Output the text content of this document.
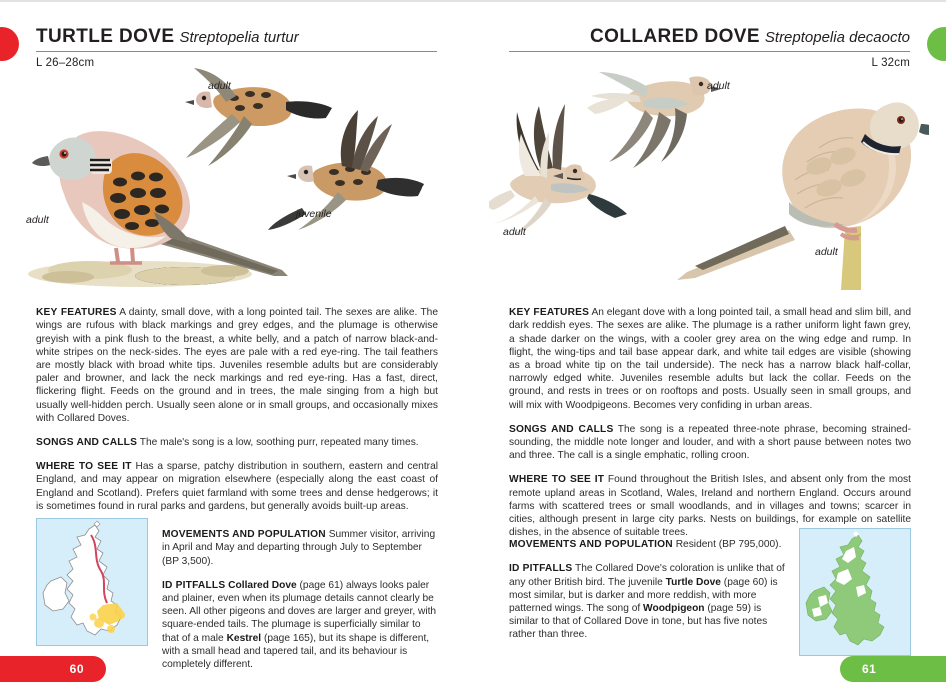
TURTLE DOVE Streptopelia turtur
L 26–28cm
adult
adult
juvenile

KEY FEATURES A dainty, small dove, with a long pointed tail. The sexes are alike. The wings are rufous with black markings and grey edges, and the plumage is otherwise greyish with a pink flush to the breast, a white belly, and a patch of narrow black-and-white stripes on the neck-sides. The eyes are pale with a red eye-ring. The tail feathers are mostly black with broad white tips. Juveniles resemble adults but are considerably paler and browner, and lack the neck markings and red eye-ring. Has a fast, direct, flickering flight. Feeds on the ground and in trees, the male singing from a high but usually well-hidden perch. Usually seen alone or in small groups, and occasionally mixes with Collared Doves.

SONGS AND CALLS The male's song is a low, soothing purr, repeated many times.

WHERE TO SEE IT Has a sparse, patchy distribution in southern, eastern and central England, and may appear on migration elsewhere (especially along the east coast of England and Scotland). Prefers quiet farmland with some trees and dense hedgerows; it is sometimes found in rural parks and gardens, but generally avoids built-up areas.

MOVEMENTS AND POPULATION Summer visitor, arriving in April and May and departing through July to September (BP 3,500).

ID PITFALLS Collared Dove (page 61) always looks paler and plainer, even when its plumage details cannot clearly be seen. All other pigeons and doves are larger and greyer, with square-ended tails. The plumage is superficially similar to that of a male Kestrel (page 165), but its shape is different, with a small head and tapered tail, and its behaviour is completely different.

60
COLLARED DOVE Streptopelia decaocto
L 32cm
adult
adult
adult

KEY FEATURES An elegant dove with a long pointed tail, a small head and slim bill, and dark reddish eyes. The sexes are alike. The plumage is a rather uniform light fawn grey, a shade darker on the wings, with a cooler grey area on the wing edge and rump. In flight, the wing-tips and tail base appear dark, and white tail edges are visible (showing as a broad white tip on the tail underside). The neck has a narrow black half-collar, narrowly edged white. Juveniles resemble adults but lack the collar. Feeds on the ground, and rests in trees or on rooftops and posts. Usually seen in small groups, and will mix with Woodpigeons. Becomes very confiding in urban areas.

SONGS AND CALLS The song is a repeated three-note phrase, becoming strained-sounding, the middle note longer and louder, and with a short pause between notes two and three. The call is a single emphatic, rolling croon.

WHERE TO SEE IT Found throughout the British Isles, and absent only from the most remote upland areas in Scotland, Wales, Ireland and northern England. Occurs around farms with scattered trees or small woodlands, and in villages and towns; scarcer in cities, although present in large city parks. Nests on buildings, for example on satellite dishes, in the absence of suitable trees.

MOVEMENTS AND POPULATION Resident (BP 795,000).

ID PITFALLS The Collared Dove's coloration is unlike that of any other British bird. The juvenile Turtle Dove (page 60) is most similar, but is darker and more reddish, with more patterned wings. The song of Woodpigeon (page 59) is similar to that of Collared Dove in tone, but has five notes rather than three.

61
